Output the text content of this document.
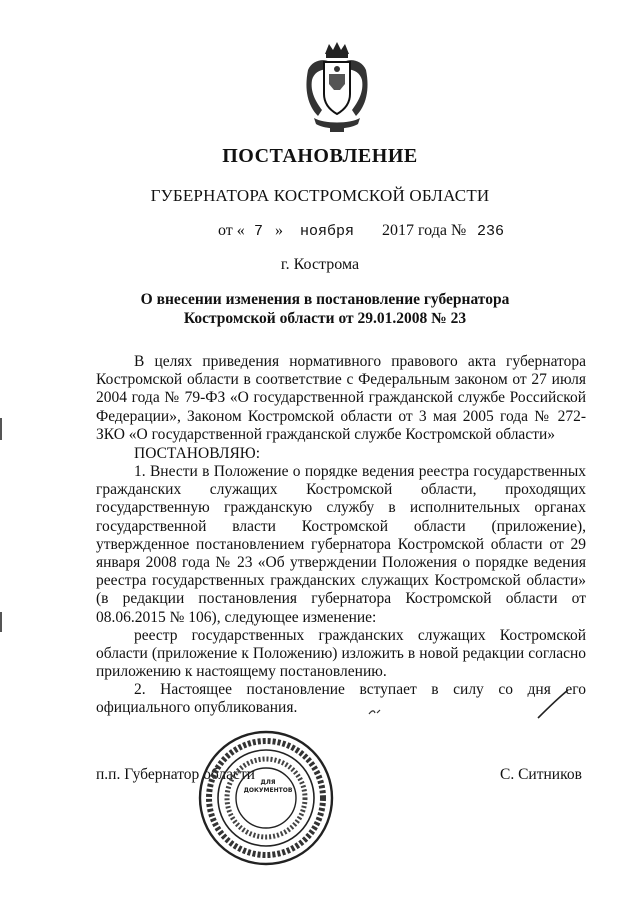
ПОСТАНОВЛЕНИЕ
ГУБЕРНАТОРА КОСТРОМСКОЙ ОБЛАСТИ
от « 7 » ноября 2017 года № 236
г. Кострома
О внесении изменения в постановление губернатора Костромской области от 29.01.2008 № 23
В целях приведения нормативного правового акта губернатора Костромской области в соответствие с Федеральным законом от 27 июля 2004 года № 79-ФЗ «О государственной гражданской службе Российской Федерации», Законом Костромской области от 3 мая 2005 года № 272-ЗКО «О государственной гражданской службе Костромской области»
ПОСТАНОВЛЯЮ:
1. Внести в Положение о порядке ведения реестра государственных гражданских служащих Костромской области, проходящих государственную гражданскую службу в исполнительных органах государственной власти Костромской области (приложение), утвержденное постановлением губернатора Костромской области от 29 января 2008 года № 23 «Об утверждении Положения о порядке ведения реестра государственных гражданских служащих Костромской области» (в редакции постановления губернатора Костромской области от 08.06.2015 № 106), следующее изменение:
реестр государственных гражданских служащих Костромской области (приложение к Положению) изложить в новой редакции согласно приложению к настоящему постановлению.
2. Настоящее постановление вступает в силу со дня его официального опубликования.
п.п. Губернатор области	С. Ситников
ДЛЯ
ДОКУМЕНТОВ
